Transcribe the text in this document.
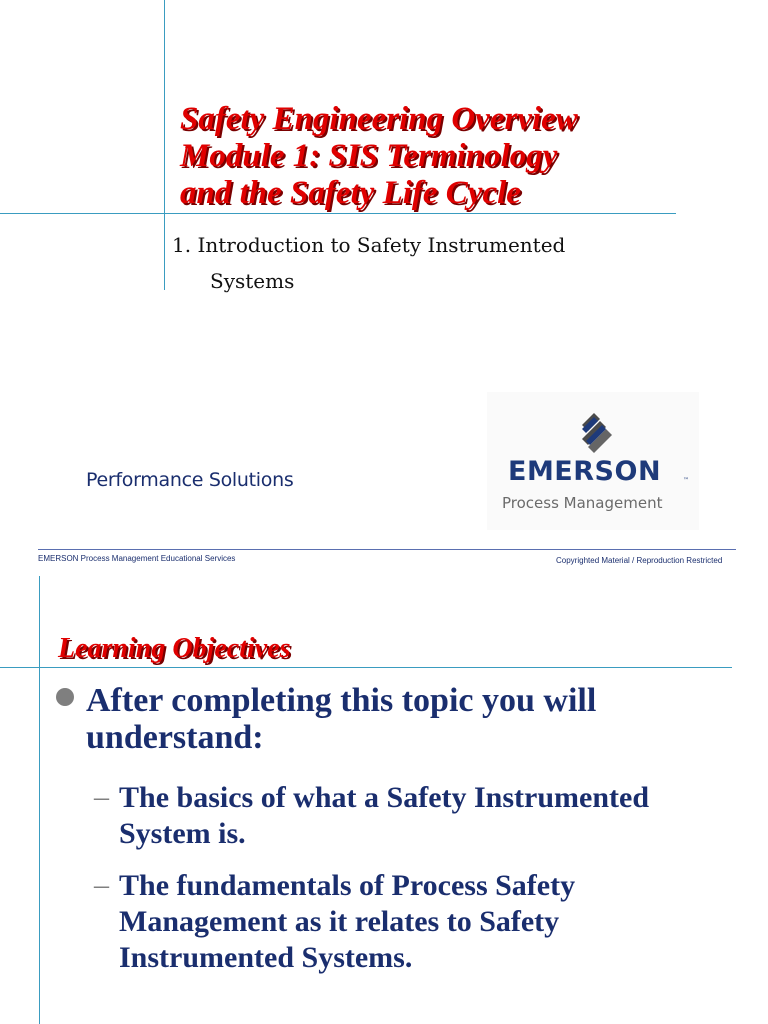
Safety Engineering Overview
Module 1: SIS Terminology
and the Safety Life Cycle
1. Introduction to Safety Instrumented
Systems
Performance Solutions	EMERSON	™
Process Management
EMERSON Process Management Educational Services	Copyrighted Material / Reproduction Restricted
Learning Objectives
After completing this topic you will understand:
– The basics of what a Safety Instrumented System is.
– The fundamentals of Process Safety Management as it relates to Safety Instrumented Systems.
